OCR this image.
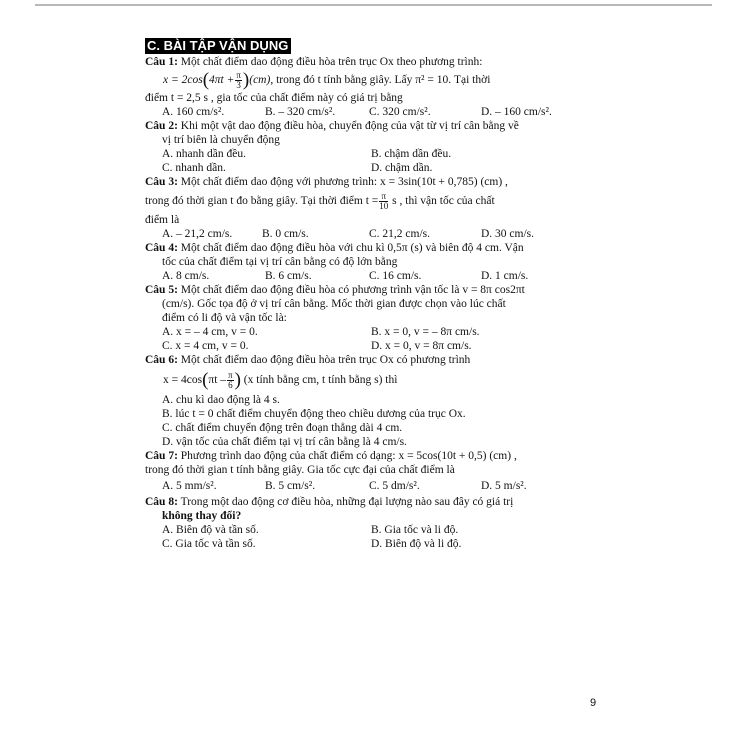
C. BÀI TẬP VẬN DỤNG

Câu 1: Một chất điểm dao động điều hòa trên trục Ox theo phương trình:

$x = 2\cos(4\pi t + \frac{\pi}{3} )(cm)$, trong đó t tính bằng giây. Lấy π² = 10. Tại thời

điểm t = 2,5 s , gia tốc của chất điểm này có giá trị bằng

A. 160 cm/s².	B. – 320 cm/s².	C. 320 cm/s².	D. – 160 cm/s².

Câu 2: Khi một vật dao động điều hòa, chuyển động của vật từ vị trí cân bằng về

vị trí biên là chuyển động

A. nhanh dần đều.	B. chậm dần đều.
C. nhanh dần.	D. chậm dần.

Câu 3: Một chất điểm dao động với phương trình: x = 3sin(10t + 0,785) (cm) ,

trong đó thời gian t đo bằng giây. Tại thời điểm $t = \frac{\pi}{10}$ s , thì vận tốc của chất

điểm là

A. – 21,2 cm/s.	B. 0 cm/s.	C. 21,2 cm/s.	D. 30 cm/s.

Câu 4: Một chất điểm dao động điều hòa với chu kì 0,5π (s) và biên độ 4 cm. Vận

tốc của chất điểm tại vị trí cân bằng có độ lớn bằng

A. 8 cm/s.	B. 6 cm/s.	C. 16 cm/s.	D. 1 cm/s.

Câu 5: Một chất điểm dao động điều hòa có phương trình vận tốc là v = 8π cos2πt

(cm/s). Gốc tọa độ ở vị trí cân bằng. Mốc thời gian được chọn vào lúc chất

điểm có li độ và vận tốc là:

A. x = – 4 cm, v = 0.	B. x = 0, v = – 8π cm/s.
C. x = 4 cm, v = 0.	D. x = 0, v = 8π cm/s.

Câu 6: Một chất điểm dao động điều hòa trên trục Ox có phương trình

$x = 4\cos(\pi t - \frac{\pi}{6}$ ) (x tính bằng cm, t tính bằng s) thì

A. chu kì dao động là 4 s.
B. lúc t = 0 chất điểm chuyển động theo chiều dương của trục Ox.
C. chất điểm chuyển động trên đoạn thẳng dài 4 cm.
D. vận tốc của chất điểm tại vị trí cân bằng là 4 cm/s.

Câu 7: Phương trình dao động của chất điểm có dạng: x = 5cos(10t + 0,5) (cm) ,

trong đó thời gian t tính bằng giây. Gia tốc cực đại của chất điểm là

A. 5 mm/s².	B. 5 cm/s².	C. 5 dm/s².	D. 5 m/s².

Câu 8: Trong một dao động cơ điều hòa, những đại lượng nào sau đây có giá trị

không thay đổi?

A. Biên độ và tần số.	B. Gia tốc và li độ.
C. Gia tốc và tần số.	D. Biên độ và li độ.
9
